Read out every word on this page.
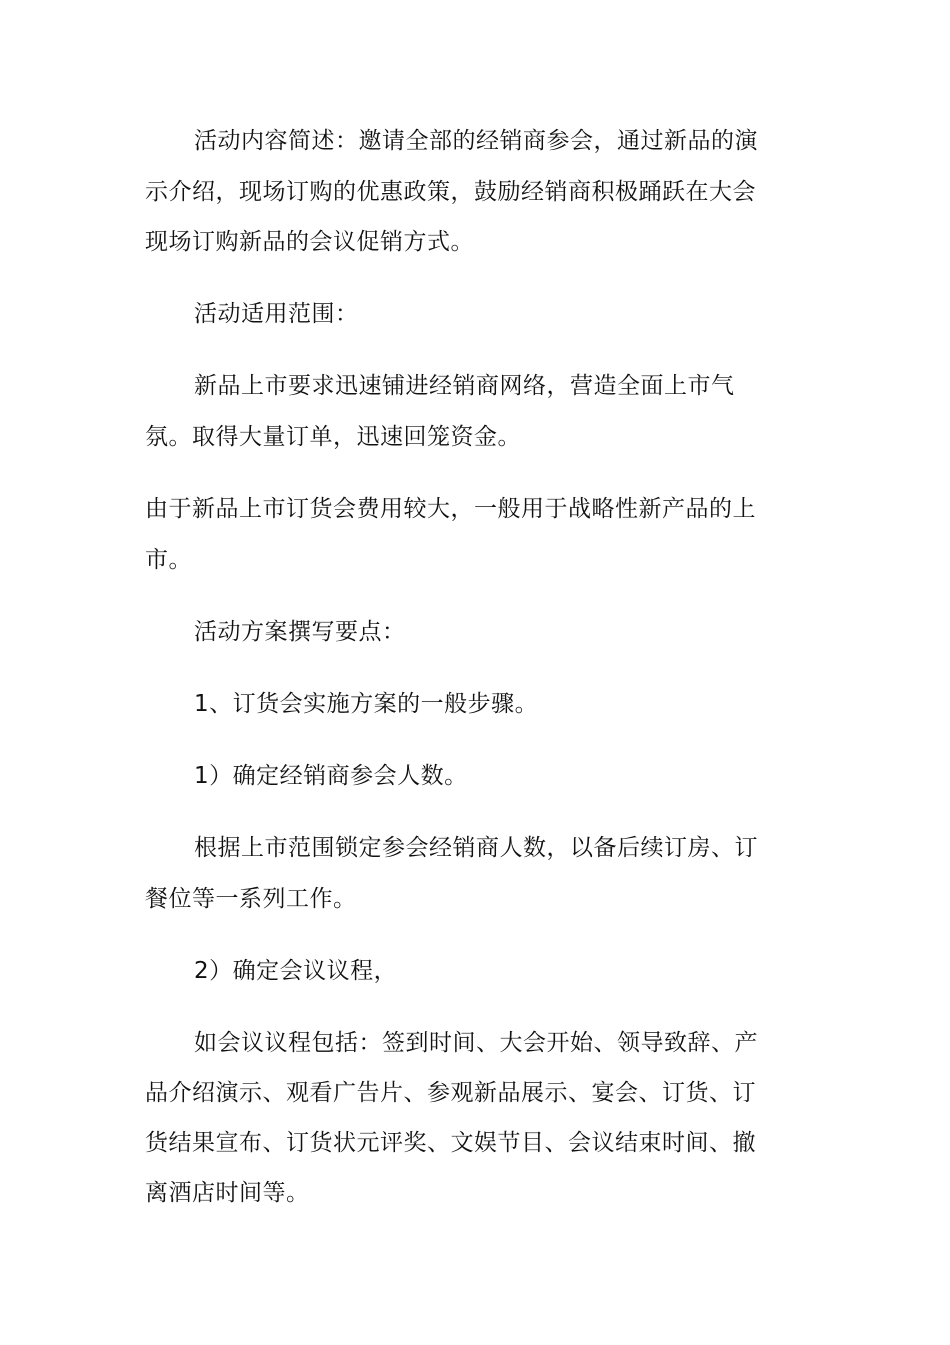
活动内容简述：邀请全部的经销商参会，通过新品的演
示介绍，现场订购的优惠政策，鼓励经销商积极踊跃在大会
现场订购新品的会议促销方式。
活动适用范围：
新品上市要求迅速铺进经销商网络，营造全面上市气
氛。取得大量订单，迅速回笼资金。
由于新品上市订货会费用较大，一般用于战略性新产品的上
市。
活动方案撰写要点：
1、订货会实施方案的一般步骤。
1）确定经销商参会人数。
根据上市范围锁定参会经销商人数，以备后续订房、订
餐位等一系列工作。
2）确定会议议程，
如会议议程包括：签到时间、大会开始、领导致辞、产
品介绍演示、观看广告片、参观新品展示、宴会、订货、订
货结果宣布、订货状元评奖、文娱节目、会议结束时间、撤
离酒店时间等。
